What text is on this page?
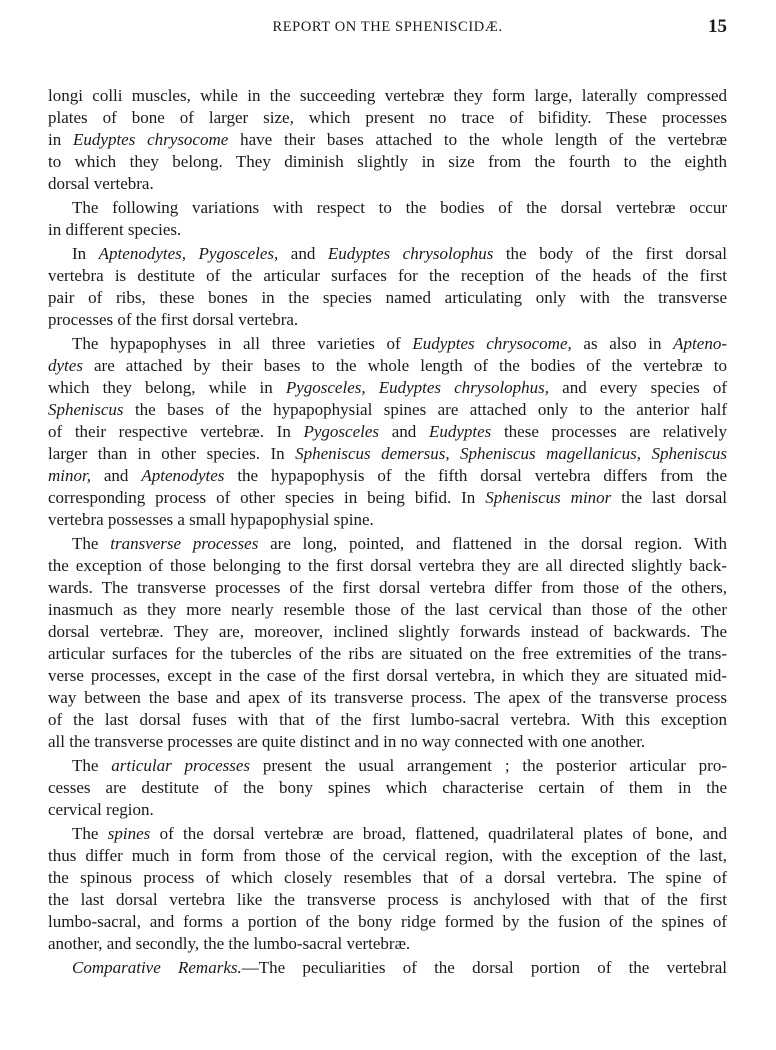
REPORT ON THE SPHENISCIDÆ.	15
longi colli muscles, while in the succeeding vertebræ they form large, laterally compressed
plates of bone of larger size, which present no trace of bifidity. These processes
in Eudyptes chrysocome have their bases attached to the whole length of the vertebræ
to which they belong. They diminish slightly in size from the fourth to the eighth
dorsal vertebra.
The following variations with respect to the bodies of the dorsal vertebræ occur
in different species.
In Aptenodytes, Pygosceles, and Eudyptes chrysolophus the body of the first dorsal
vertebra is destitute of the articular surfaces for the reception of the heads of the first
pair of ribs, these bones in the species named articulating only with the transverse
processes of the first dorsal vertebra.
The hypapophyses in all three varieties of Eudyptes chrysocome, as also in Apteno-
dytes are attached by their bases to the whole length of the bodies of the vertebræ to
which they belong, while in Pygosceles, Eudyptes chrysolophus, and every species of
Spheniscus the bases of the hypapophysial spines are attached only to the anterior half
of their respective vertebræ. In Pygosceles and Eudyptes these processes are relatively
larger than in other species. In Spheniscus demersus, Spheniscus magellanicus, Spheniscus
minor, and Aptenodytes the hypapophysis of the fifth dorsal vertebra differs from the
corresponding process of other species in being bifid. In Spheniscus minor the last dorsal
vertebra possesses a small hypapophysial spine.
The transverse processes are long, pointed, and flattened in the dorsal region. With
the exception of those belonging to the first dorsal vertebra they are all directed slightly back-
wards. The transverse processes of the first dorsal vertebra differ from those of the others,
inasmuch as they more nearly resemble those of the last cervical than those of the other
dorsal vertebræ. They are, moreover, inclined slightly forwards instead of backwards. The
articular surfaces for the tubercles of the ribs are situated on the free extremities of the trans-
verse processes, except in the case of the first dorsal vertebra, in which they are situated mid-
way between the base and apex of its transverse process. The apex of the transverse process
of the last dorsal fuses with that of the first lumbo-sacral vertebra. With this exception
all the transverse processes are quite distinct and in no way connected with one another.
The articular processes present the usual arrangement ; the posterior articular pro-
cesses are destitute of the bony spines which characterise certain of them in the
cervical region.
The spines of the dorsal vertebræ are broad, flattened, quadrilateral plates of bone, and
thus differ much in form from those of the cervical region, with the exception of the last,
the spinous process of which closely resembles that of a dorsal vertebra. The spine of
the last dorsal vertebra like the transverse process is anchylosed with that of the first
lumbo-sacral, and forms a portion of the bony ridge formed by the fusion of the spines of
another, and secondly, the the lumbo-sacral vertebræ.
Comparative Remarks.—The peculiarities of the dorsal portion of the vertebral
